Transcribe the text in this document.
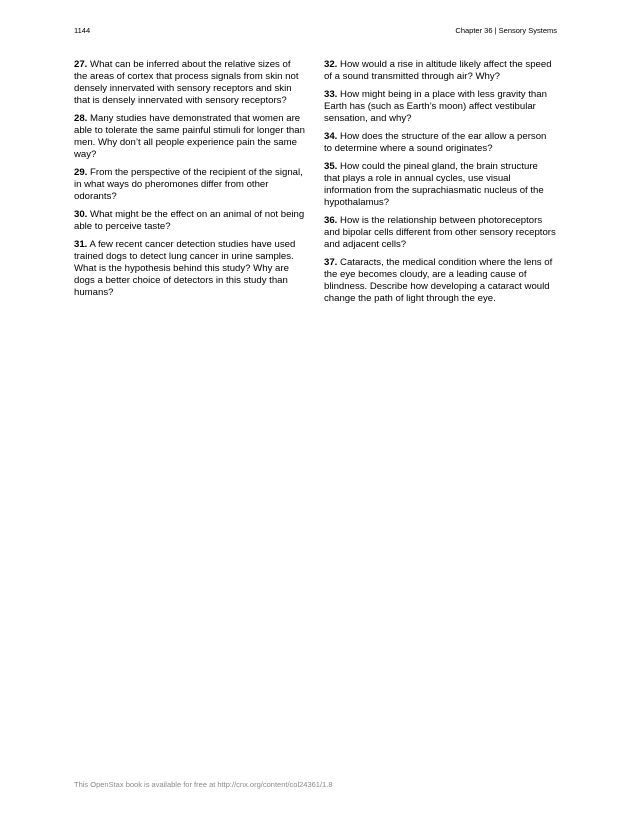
1144	Chapter 36 | Sensory Systems

27. What can be inferred about the relative sizes of the areas of cortex that process signals from skin not densely innervated with sensory receptors and skin that is densely innervated with sensory receptors?

28. Many studies have demonstrated that women are able to tolerate the same painful stimuli for longer than men. Why don’t all people experience pain the same way?

29. From the perspective of the recipient of the signal, in what ways do pheromones differ from other odorants?

30. What might be the effect on an animal of not being able to perceive taste?

31. A few recent cancer detection studies have used trained dogs to detect lung cancer in urine samples. What is the hypothesis behind this study? Why are dogs a better choice of detectors in this study than humans?

32. How would a rise in altitude likely affect the speed of a sound transmitted through air? Why?

33. How might being in a place with less gravity than Earth has (such as Earth’s moon) affect vestibular sensation, and why?

34. How does the structure of the ear allow a person to determine where a sound originates?

35. How could the pineal gland, the brain structure that plays a role in annual cycles, use visual information from the suprachiasmatic nucleus of the hypothalamus?

36. How is the relationship between photoreceptors and bipolar cells different from other sensory receptors and adjacent cells?

37. Cataracts, the medical condition where the lens of the eye becomes cloudy, are a leading cause of blindness. Describe how developing a cataract would change the path of light through the eye.

This OpenStax book is available for free at http://cnx.org/content/col24361/1.8
